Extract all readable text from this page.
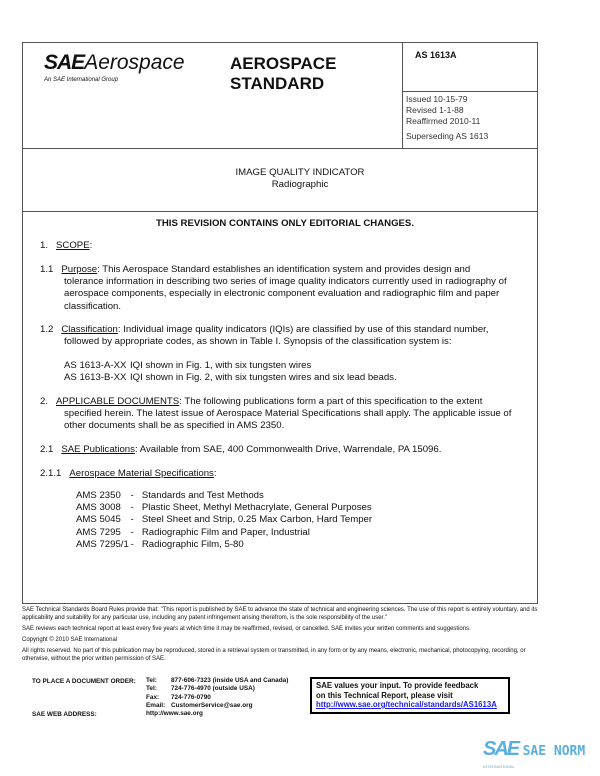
SAEAerospace
An SAE International Group
AEROSPACE
STANDARD
AS 1613A
Issued 10-15-79
Revised 1-1-88
Reaffirmed 2010-11
Superseding AS 1613
IMAGE QUALITY INDICATOR
Radiographic
THIS REVISION CONTAINS ONLY EDITORIAL CHANGES.
1. SCOPE:
1.1 Purpose: This Aerospace Standard establishes an identification system and provides design and
tolerance information in describing two series of image quality indicators currently used in radiography of
aerospace components, especially in electronic component evaluation and radiographic film and paper
classification.
1.2 Classification: Individual image quality indicators (IQIs) are classified by use of this standard number,
followed by appropriate codes, as shown in Table I. Synopsis of the classification system is:
AS 1613-A-XX IQI shown in Fig. 1, with six tungsten wires
AS 1613-B-XX IQI shown in Fig. 2, with six tungsten wires and six lead beads.
2. APPLICABLE DOCUMENTS: The following publications form a part of this specification to the extent
specified herein. The latest issue of Aerospace Material Specifications shall apply. The applicable issue of
other documents shall be as specified in AMS 2350.
2.1 SAE Publications: Available from SAE, 400 Commonwealth Drive, Warrendale, PA 15096.
2.1.1 Aerospace Material Specifications:
AMS 2350 -   Standards and Test Methods
AMS 3008 -   Plastic Sheet, Methyl Methacrylate, General Purposes
AMS 5045 -   Steel Sheet and Strip, 0.25 Max Carbon, Hard Temper
AMS 7295 -   Radiographic Film and Paper, Industrial
AMS 7295/1 -   Radiographic Film, 5-80
SAE Technical Standards Board Rules provide that: "This report is published by SAE to advance the state of technical and engineering sciences. The use of this report is entirely voluntary, and its applicability and suitability for any particular use, including any patent infringement arising therefrom, is the sole responsibility of the user."
SAE reviews each technical report at least every five years at which time it may be reaffirmed, revised, or cancelled. SAE invites your written comments and suggestions.
Copyright © 2010 SAE International
All rights reserved. No part of this publication may be reproduced, stored in a retrieval system or transmitted, in any form or by any means, electronic, mechanical, photocopying, recording, or otherwise, without the prior written permission of SAE.
TO PLACE A DOCUMENT ORDER:
SAE WEB ADDRESS:
Tel: 877-606-7323 (inside USA and Canada)
Tel: 724-776-4970 (outside USA)
Fax: 724-776-0790
Email: CustomerService@sae.org
http://www.sae.org
SAE values your input. To provide feedback
on this Technical Report, please visit
http://www.sae.org/technical/standards/AS1613A
SAE SAE NORM
INTERNATIONAL
